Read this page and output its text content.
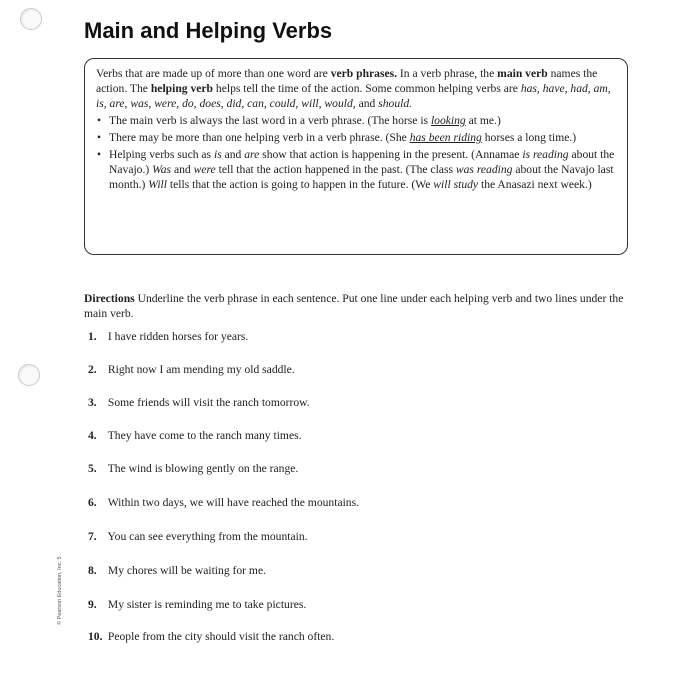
Main and Helping Verbs

Verbs that are made up of more than one word are verb phrases. In a verb phrase, the main verb names the action. The helping verb helps tell the time of the action. Some common helping verbs are has, have, had, am, is, are, was, were, do, does, did, can, could, will, would, and should.

• The main verb is always the last word in a verb phrase. (The horse is looking at me.)
• There may be more than one helping verb in a verb phrase. (She has been riding horses a long time.)
• Helping verbs such as is and are show that action is happening in the present. (Annamae is reading about the Navajo.) Was and were tell that the action happened in the past. (The class was reading about the Navajo last month.) Will tells that the action is going to happen in the future. (We will study the Anasazi next week.)
Directions Underline the verb phrase in each sentence. Put one line under each helping verb and two lines under the main verb.
1. I have ridden horses for years.
2. Right now I am mending my old saddle.
3. Some friends will visit the ranch tomorrow.
4. They have come to the ranch many times.
5. The wind is blowing gently on the range.
6. Within two days, we will have reached the mountains.
7. You can see everything from the mountain.
8. My chores will be waiting for me.
9. My sister is reminding me to take pictures.
10. People from the city should visit the ranch often.
© Pearson Education, Inc. 5
